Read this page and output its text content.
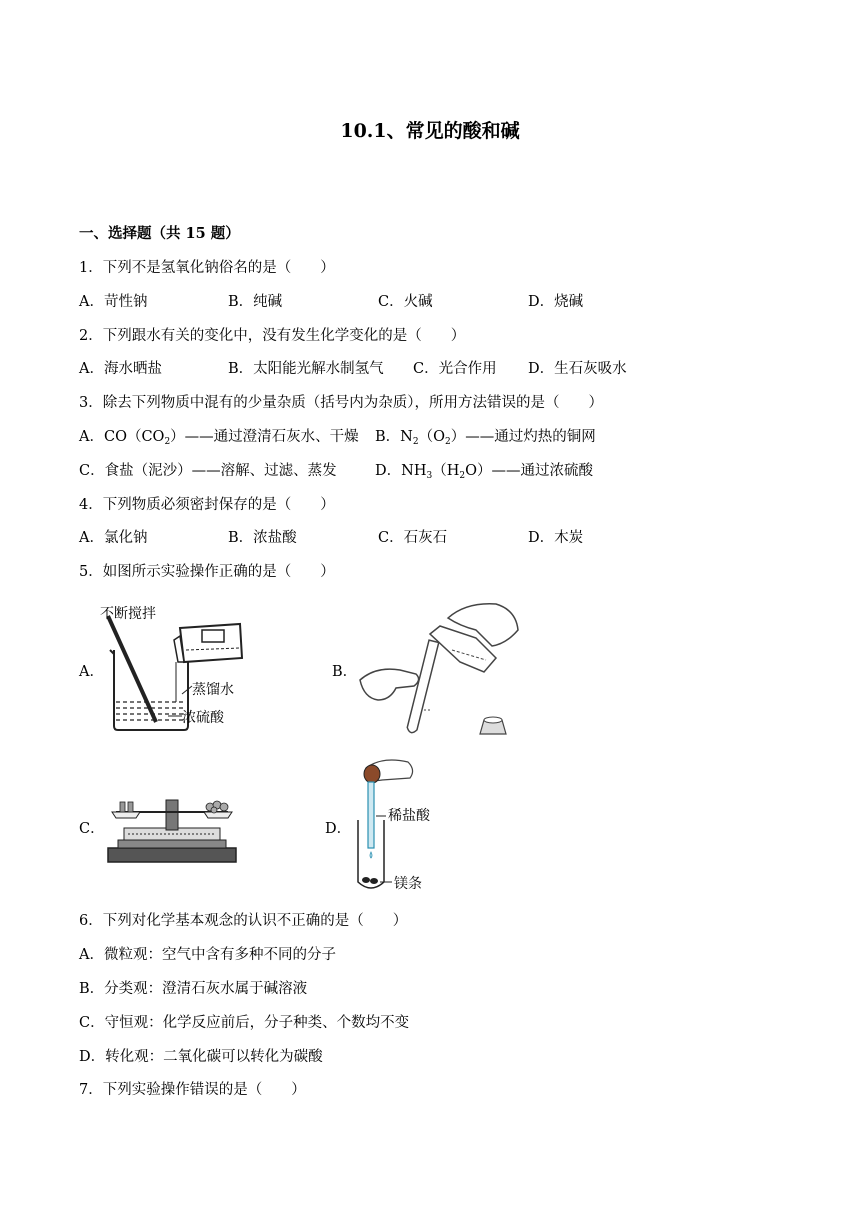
10.1、常见的酸和碱
一、选择题（共 15 题）
1．下列不是氢氧化钠俗名的是（　　）
A．苛性钠	B．纯碱	C．火碱	D．烧碱
2．下列跟水有关的变化中，没有发生化学变化的是（　　）
A．海水晒盐	B．太阳能光解水制氢气 C．光合作用 D．生石灰吸水
3．除去下列物质中混有的少量杂质（括号内为杂质），所用方法错误的是（　　）
A．$CO(CO_2)——$通过澄清石灰水、干燥 B．$N_2(O_2)——$通过灼热的铜网
C．食盐（泥沙）——溶解、过滤、蒸发	D．$NH_3(H_2O)——$通过浓硫酸
4．下列物质必须密封保存的是（　　）
A．氯化钠	B．浓盐酸	C．石灰石	D．木炭
5．如图所示实验操作正确的是（　　）
A．	B．
C．	D．
不断搅拌
蒸馏水
浓硫酸
稀盐酸
镁条
6．下列对化学基本观念的认识不正确的是（　　）
A．微粒观：空气中含有多种不同的分子
B．分类观：澄清石灰水属于碱溶液
C．守恒观：化学反应前后，分子种类、个数均不变
D．转化观：二氧化碳可以转化为碳酸
7．下列实验操作错误的是（　　）
